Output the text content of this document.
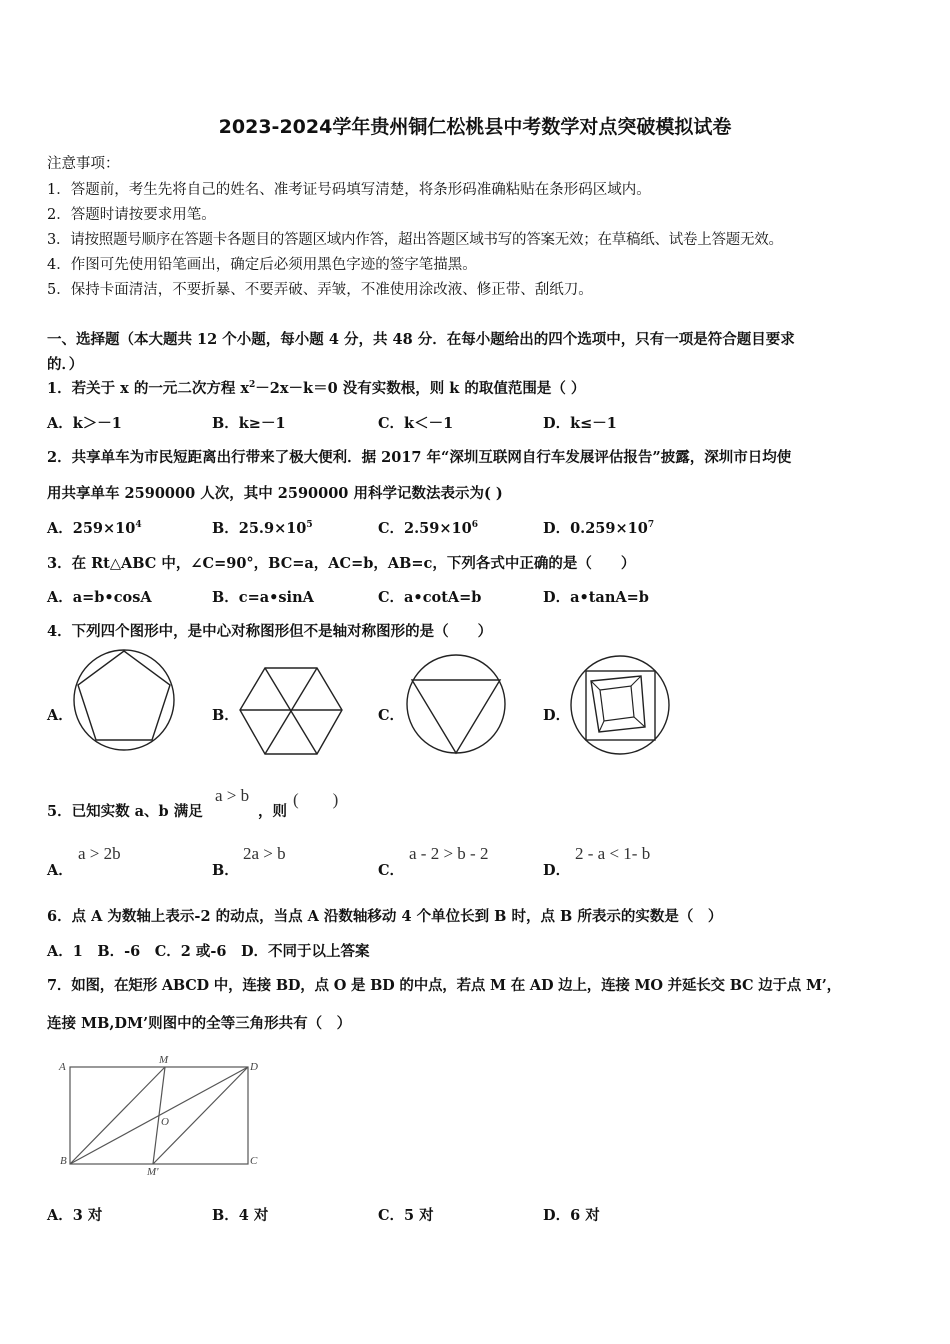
2023-2024学年贵州铜仁松桃县中考数学对点突破模拟试卷
注意事项：
1．答题前，考生先将自己的姓名、准考证号码填写清楚，将条形码准确粘贴在条形码区域内。
2．答题时请按要求用笔。
3．请按照题号顺序在答题卡各题目的答题区域内作答，超出答题区域书写的答案无效；在草稿纸、试卷上答题无效。
4．作图可先使用铅笔画出，确定后必须用黑色字迹的签字笔描黑。
5．保持卡面清洁，不要折暴、不要弄破、弄皱，不准使用涂改液、修正带、刮纸刀。
一、选择题（本大题共 12 个小题，每小题 4 分，共 48 分．在每小题给出的四个选项中，只有一项是符合题目要求
的．）
1．若关于 x 的一元二次方程 $x^2-2x-k=0$ 没有实数根，则 k 的取值范围是（ ）
A．k＞－1	B．k≥－1	C．k＜－1	D．k≤－1
2．共享单车为市民短距离出行带来了极大便利．据 2017 年“深圳互联网自行车发展评估报告”披露，深圳市日均使
用共享单车 2590000 人次，其中 2590000 用科学记数法表示为( )
A．$259\times 10^4$	B．$25.9\times 10^5$	C．$2.59\times 10^6$	D．$0.259\times 10^7$
3．在 Rt△ABC 中，∠C=90°，BC=a，AC=b，AB=c，下列各式中正确的是（　　）
A．a=b•cosA	B．c=a•sinA	C．a•cotA=b	D．a•tanA=b
4．下列四个图形中，是中心对称图形但不是轴对称图形的是（　　）
A．	B．	C．	D．
5．已知实数 a、b 满足
a > b
，则
(　　)
A．
a > 2b
B．
2a > b
C．
a - 2 > b - 2
D．
2 - a < 1- b
6．点 A 为数轴上表示-2 的动点，当点 A 沿数轴移动 4 个单位长到 B 时，点 B 所表示的实数是（　）
A．1　B．-6　C．2 或-6　D．不同于以上答案
7．如图，在矩形 ABCD 中，连接 BD，点 O 是 BD 的中点，若点 M 在 AD 边上，连接 MO 并延长交 BC 边于点 M’，
连接 MB,DM’则图中的全等三角形共有（　）
A
M
D
O
B
M'
C
A．3 对	B．4 对	C．5 对	D．6 对
